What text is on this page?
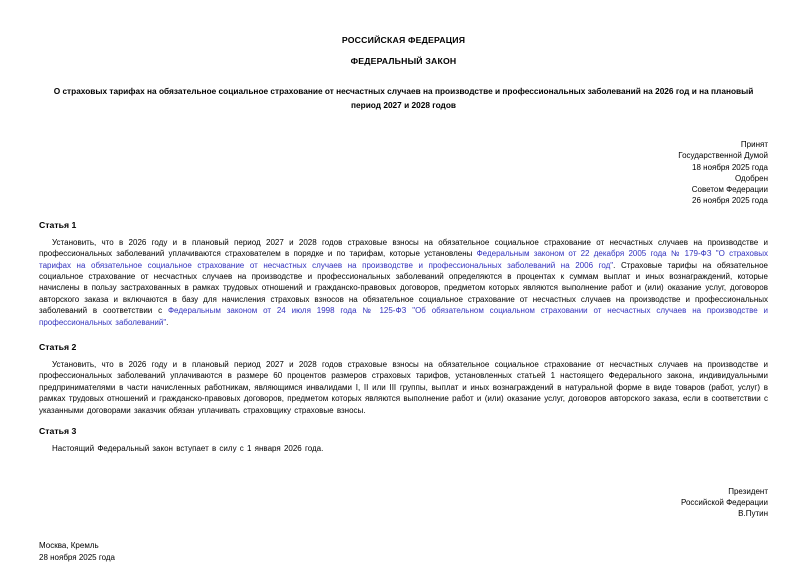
РОССИЙСКАЯ ФЕДЕРАЦИЯ
ФЕДЕРАЛЬНЫЙ ЗАКОН
О страховых тарифах на обязательное социальное страхование от несчастных случаев на производстве и профессиональных заболеваний на 2026 год и на плановый период 2027 и 2028 годов
Принят
Государственной Думой
18 ноября 2025 года
Одобрен
Советом Федерации
26 ноября 2025 года
Статья 1

Установить, что в 2026 году и в плановый период 2027 и 2028 годов страховые взносы на обязательное социальное страхование от несчастных случаев на производстве и профессиональных заболеваний уплачиваются страхователем в порядке и по тарифам, которые установлены Федеральным законом от 22 декабря 2005 года № 179-ФЗ "О страховых тарифах на обязательное социальное страхование от несчастных случаев на производстве и профессиональных заболеваний на 2006 год". Страховые тарифы на обязательное социальное страхование от несчастных случаев на производстве и профессиональных заболеваний определяются в процентах к суммам выплат и иных вознаграждений, которые начислены в пользу застрахованных в рамках трудовых отношений и гражданско-правовых договоров, предметом которых являются выполнение работ и (или) оказание услуг, договоров авторского заказа и включаются в базу для начисления страховых взносов на обязательное социальное страхование от несчастных случаев на производстве и профессиональных заболеваний в соответствии с Федеральным законом от 24 июля 1998 года № 125-ФЗ "Об обязательном социальном страховании от несчастных случаев на производстве и профессиональных заболеваний".

Статья 2

Установить, что в 2026 году и в плановый период 2027 и 2028 годов страховые взносы на обязательное социальное страхование от несчастных случаев на производстве и профессиональных заболеваний уплачиваются в размере 60 процентов размеров страховых тарифов, установленных статьей 1 настоящего Федерального закона, индивидуальными предпринимателями в части начисленных работникам, являющимся инвалидами I, II или III группы, выплат и иных вознаграждений в натуральной форме в виде товаров (работ, услуг) в рамках трудовых отношений и гражданско-правовых договоров, предметом которых являются выполнение работ и (или) оказание услуг, договоров авторского заказа, если в соответствии с указанными договорами заказчик обязан уплачивать страховщику страховые взносы.

Статья 3

Настоящий Федеральный закон вступает в силу с 1 января 2026 года.

Президент
Российской Федерации
В.Путин
Москва, Кремль
28 ноября 2025 года
